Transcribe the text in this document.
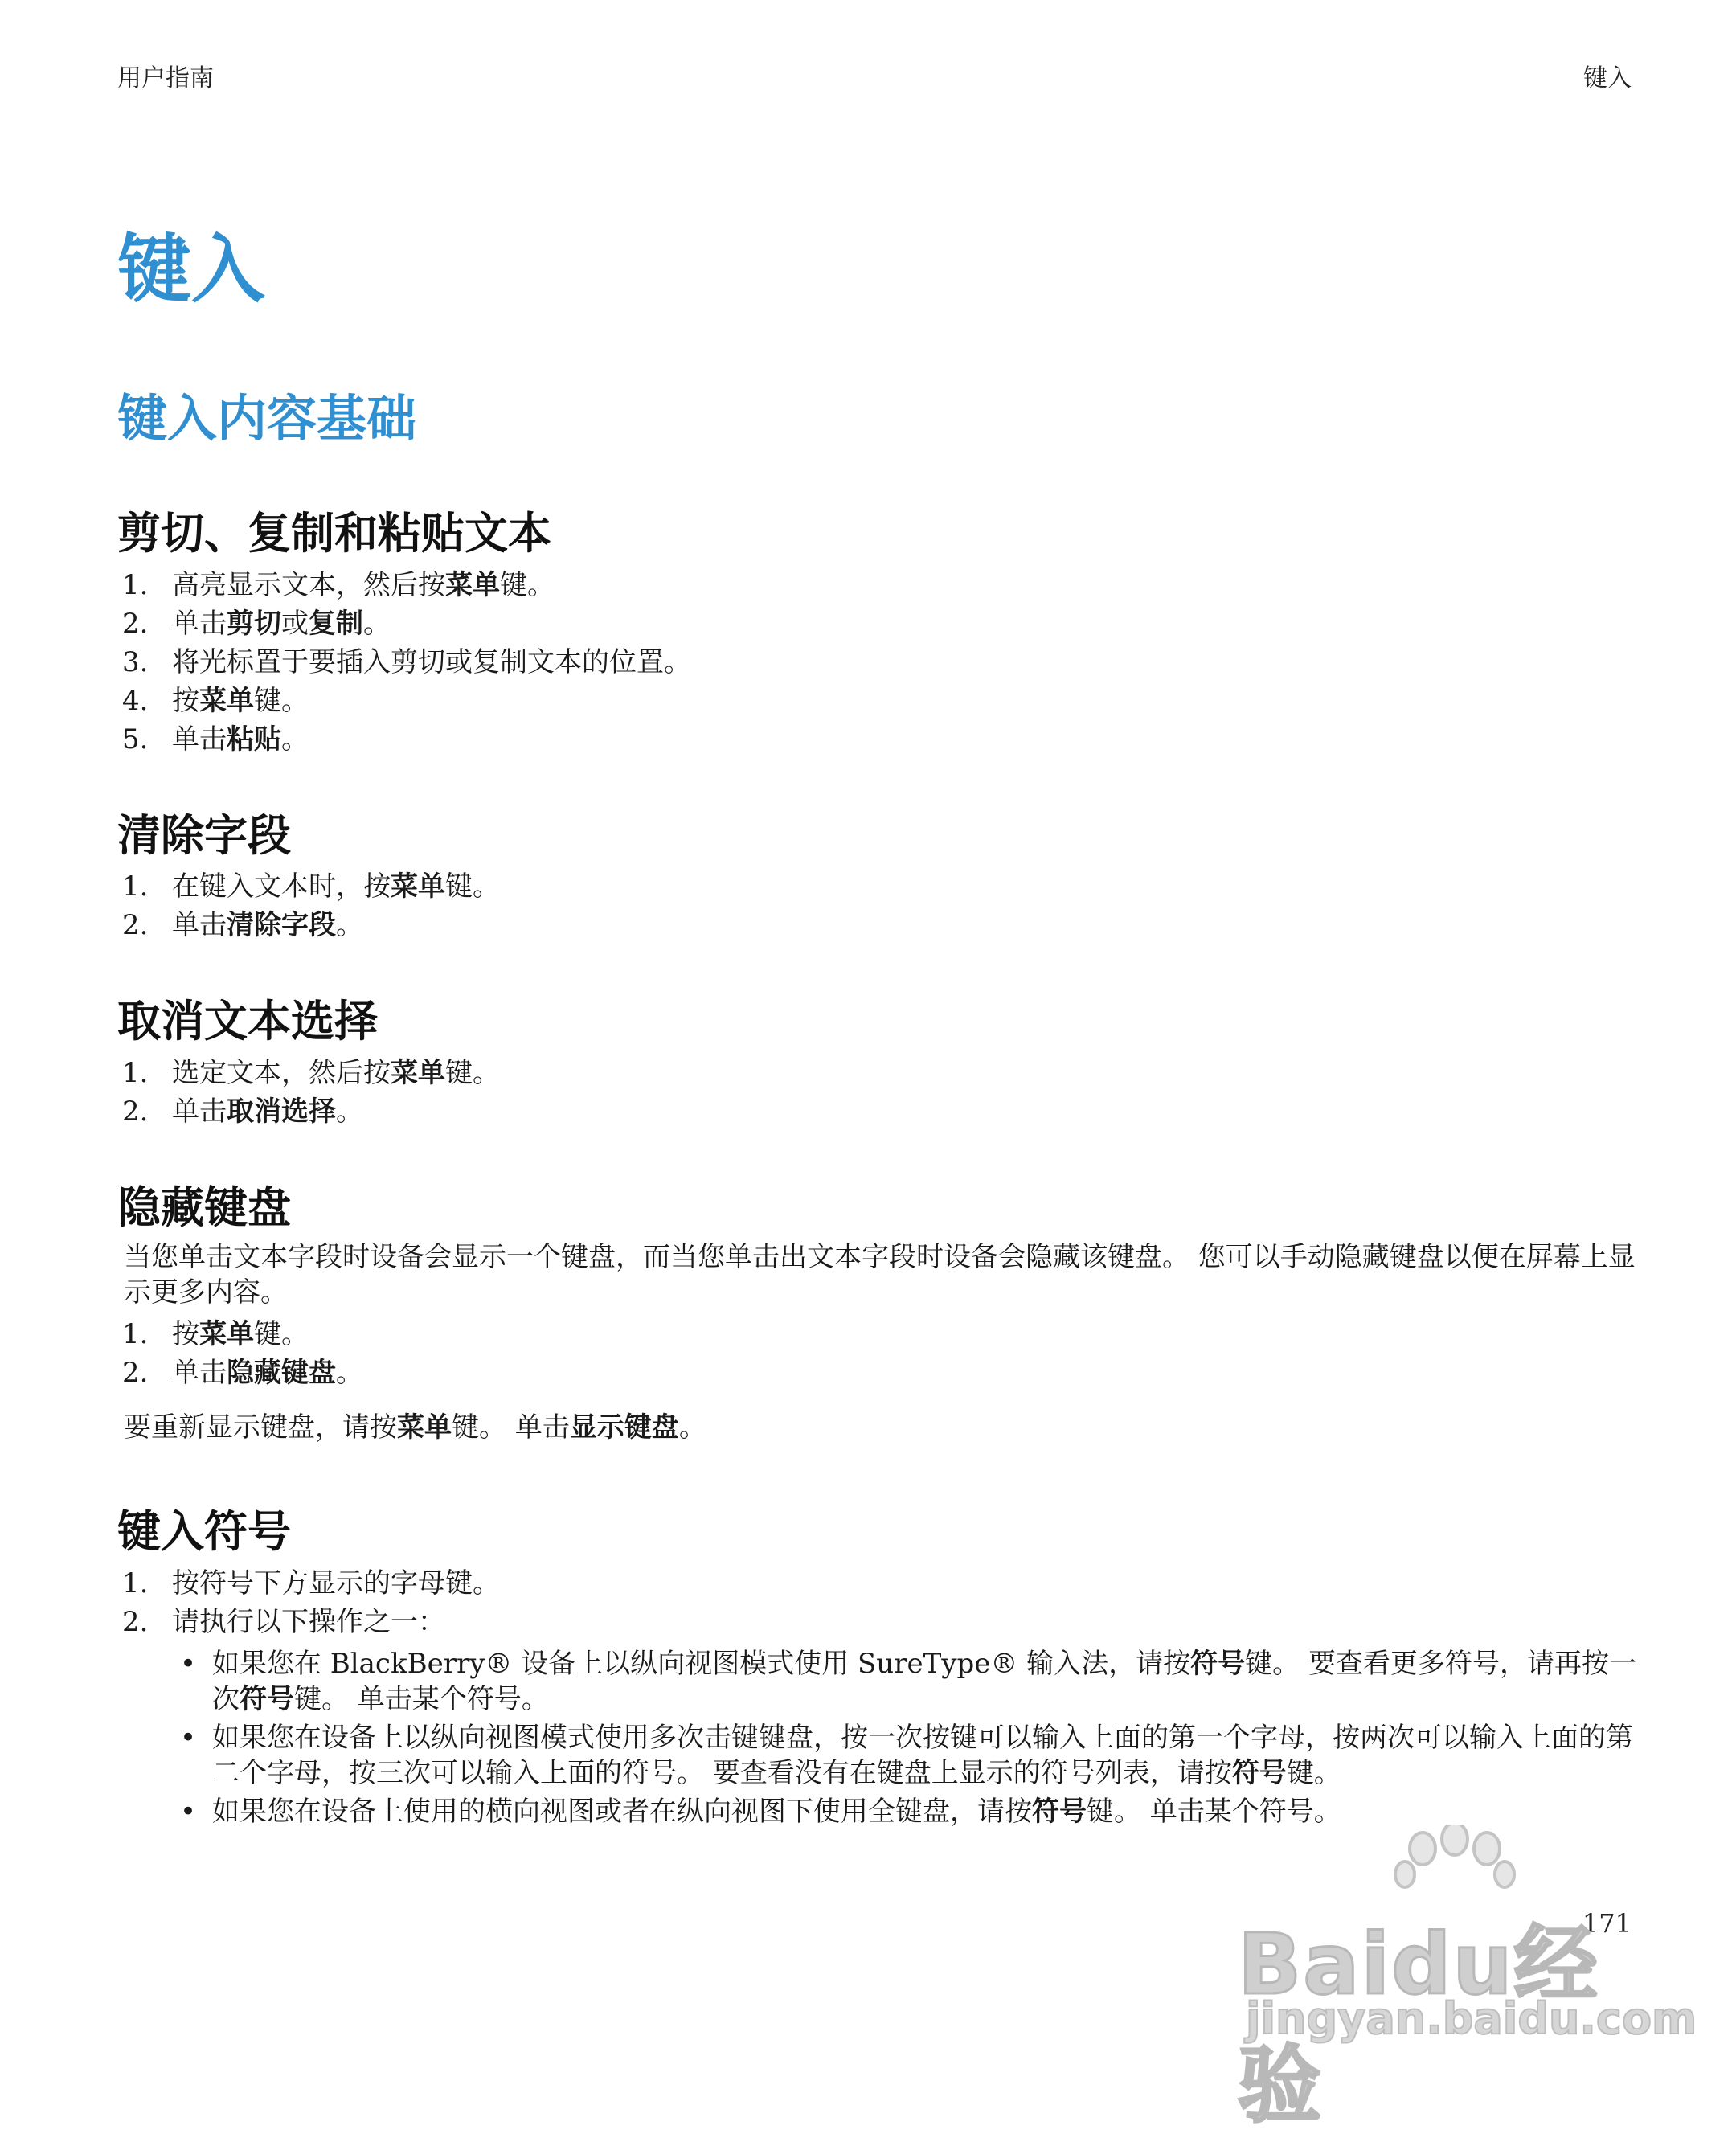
用户指南	键入
键入
键入内容基础
剪切、复制和粘贴文本
1. 高亮显示文本，然后按菜单键。
2. 单击剪切或复制。
3. 将光标置于要插入剪切或复制文本的位置。
4. 按菜单键。
5. 单击粘贴。
清除字段
1. 在键入文本时，按菜单键。
2. 单击清除字段。
取消文本选择
1. 选定文本，然后按菜单键。
2. 单击取消选择。
隐藏键盘

当您单击文本字段时设备会显示一个键盘，而当您单击出文本字段时设备会隐藏该键盘。 您可以手动隐藏键盘以便在屏幕上显示更多内容。

1. 按菜单键。
2. 单击隐藏键盘。

要重新显示键盘，请按菜单键。 单击显示键盘。

键入符号
1. 按符号下方显示的字母键。
2. 请执行以下操作之一：
• 如果您在 BlackBerry® 设备上以纵向视图模式使用 SureType® 输入法，请按符号键。 要查看更多符号，请再按一次符号键。 单击某个符号。
• 如果您在设备上以纵向视图模式使用多次击键键盘，按一次按键可以输入上面的第一个字母，按两次可以输入上面的第二个字母，按三次可以输入上面的符号。 要查看没有在键盘上显示的符号列表，请按符号键。
• 如果您在设备上使用的横向视图或者在纵向视图下使用全键盘，请按符号键。 单击某个符号。
171
Baidu经验
jingyan.baidu.com
